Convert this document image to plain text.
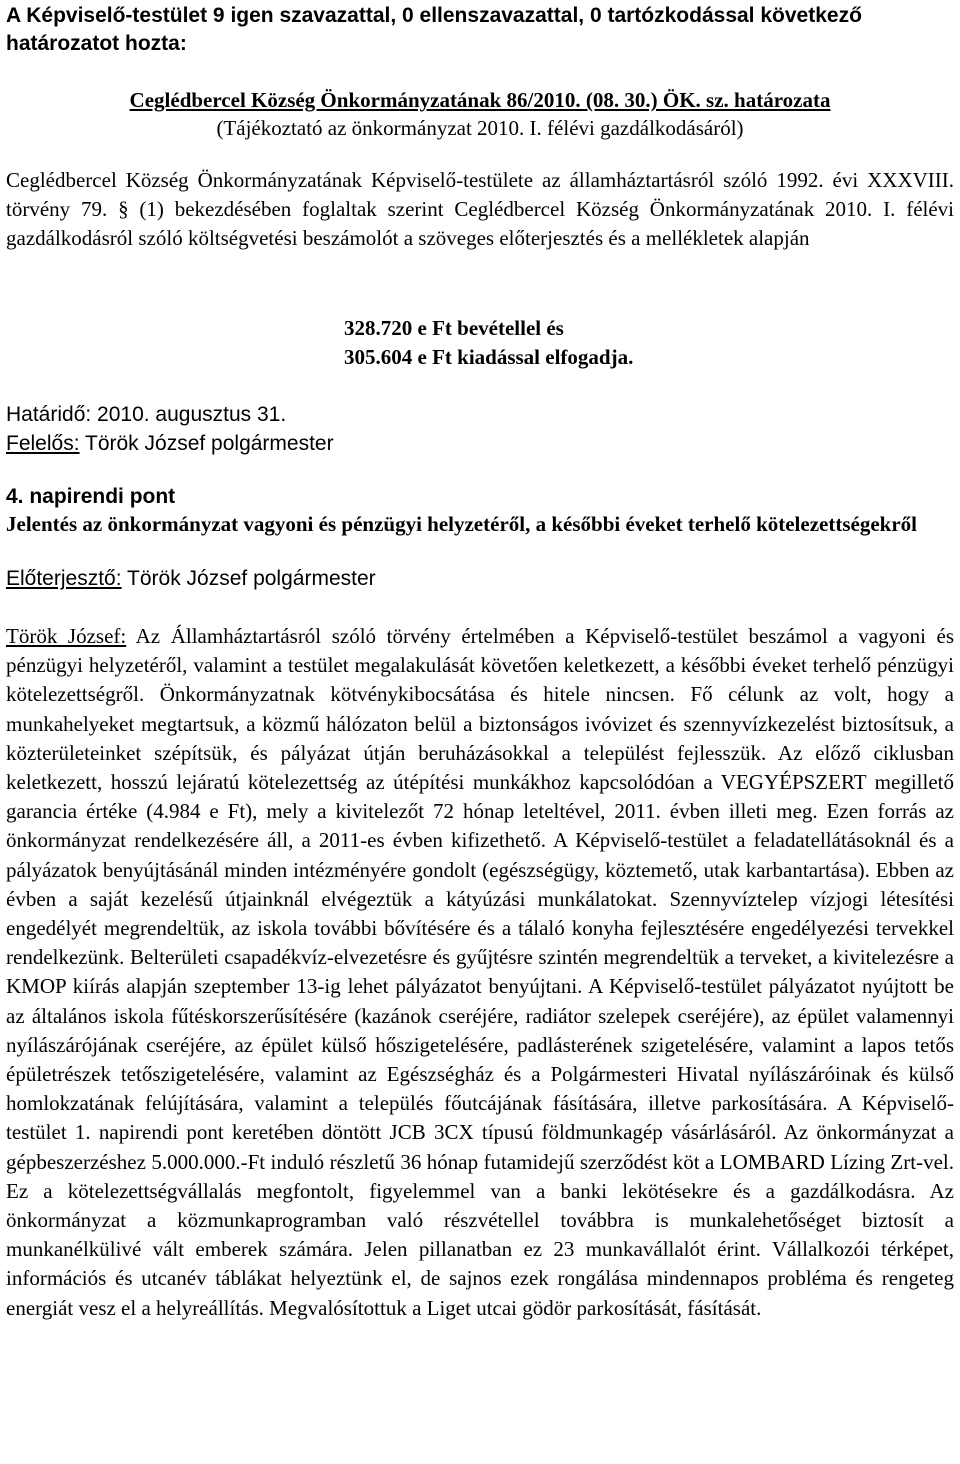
A Képviselő-testület 9 igen szavazattal, 0 ellenszavazattal, 0 tartózkodással következő határozatot hozta:

Ceglédbercel Község Önkormányzatának 86/2010. (08. 30.) ÖK. sz. határozata

(Tájékoztató az önkormányzat 2010. I. félévi gazdálkodásáról)

Ceglédbercel Község Önkormányzatának Képviselő-testülete az államháztartásról szóló 1992. évi XXXVIII. törvény 79. § (1) bekezdésében foglaltak szerint Ceglédbercel Község Önkormányzatának 2010. I. félévi gazdálkodásról szóló költségvetési beszámolót a szöveges előterjesztés és a mellékletek alapján

328.720 e Ft bevétellel és
305.604 e Ft kiadással elfogadja.

Határidő: 2010. augusztus 31.

Felelős: Török József polgármester

4. napirendi pont

Jelentés az önkormányzat vagyoni és pénzügyi helyzetéről, a későbbi éveket terhelő kötelezettségekről

Előterjesztő: Török József polgármester

Török József: Az Államháztartásról szóló törvény értelmében a Képviselő-testület beszámol a vagyoni és pénzügyi helyzetéről, valamint a testület megalakulását követően keletkezett, a későbbi éveket terhelő pénzügyi kötelezettségről. Önkormányzatnak kötvénykibocsátása és hitele nincsen. Fő célunk az volt, hogy a munkahelyeket megtartsuk, a közmű hálózaton belül a biztonságos ivóvizet és szennyvízkezelést biztosítsuk, a közterületeinket szépítsük, és pályázat útján beruházásokkal a települést fejlesszük. Az előző ciklusban keletkezett, hosszú lejáratú kötelezettség az útépítési munkákhoz kapcsolódóan a VEGYÉPSZERT megillető garancia értéke (4.984 e Ft), mely a kivitelezőt 72 hónap leteltével, 2011. évben illeti meg. Ezen forrás az önkormányzat rendelkezésére áll, a 2011-es évben kifizethető. A Képviselő-testület a feladatellátásoknál és a pályázatok benyújtásánál minden intézményére gondolt (egészségügy, köztemető, utak karbantartása). Ebben az évben a saját kezelésű útjainknál elvégeztük a kátyúzási munkálatokat. Szennyvíztelep vízjogi létesítési engedélyét megrendeltük, az iskola további bővítésére és a tálaló konyha fejlesztésére engedélyezési tervekkel rendelkezünk. Belterületi csapadékvíz-elvezetésre és gyűjtésre szintén megrendeltük a terveket, a kivitelezésre a KMOP kiírás alapján szeptember 13-ig lehet pályázatot benyújtani. A Képviselő-testület pályázatot nyújtott be az általános iskola fűtéskorszerűsítésére (kazánok cseréjére, radiátor szelepek cseréjére), az épület valamennyi nyílászárójának cseréjére, az épület külső hőszigetelésére, padlásterének szigetelésére, valamint a lapos tetős épületrészek tetőszigetelésére, valamint az Egészségház és a Polgármesteri Hivatal nyílászáróinak és külső homlokzatának felújítására, valamint a település főutcájának fásítására, illetve parkosítására. A Képviselő-testület 1. napirendi pont keretében döntött JCB 3CX típusú földmunkagép vásárlásáról. Az önkormányzat a gépbeszerzéshez 5.000.000.-Ft induló részletű 36 hónap futamidejű szerződést köt a LOMBARD Lízing Zrt-vel. Ez a kötelezettségvállalás megfontolt, figyelemmel van a banki lekötésekre és a gazdálkodásra. Az önkormányzat a közmunkaprogramban való részvétellel továbbra is munkalehetőséget biztosít a munkanélkülivé vált emberek számára. Jelen pillanatban ez 23 munkavállalót érint. Vállalkozói térképet, információs és utcanév táblákat helyeztünk el, de sajnos ezek rongálása mindennapos probléma és rengeteg energiát vesz el a helyreállítás. Megvalósítottuk a Liget utcai gödör parkosítását, fásítását.
